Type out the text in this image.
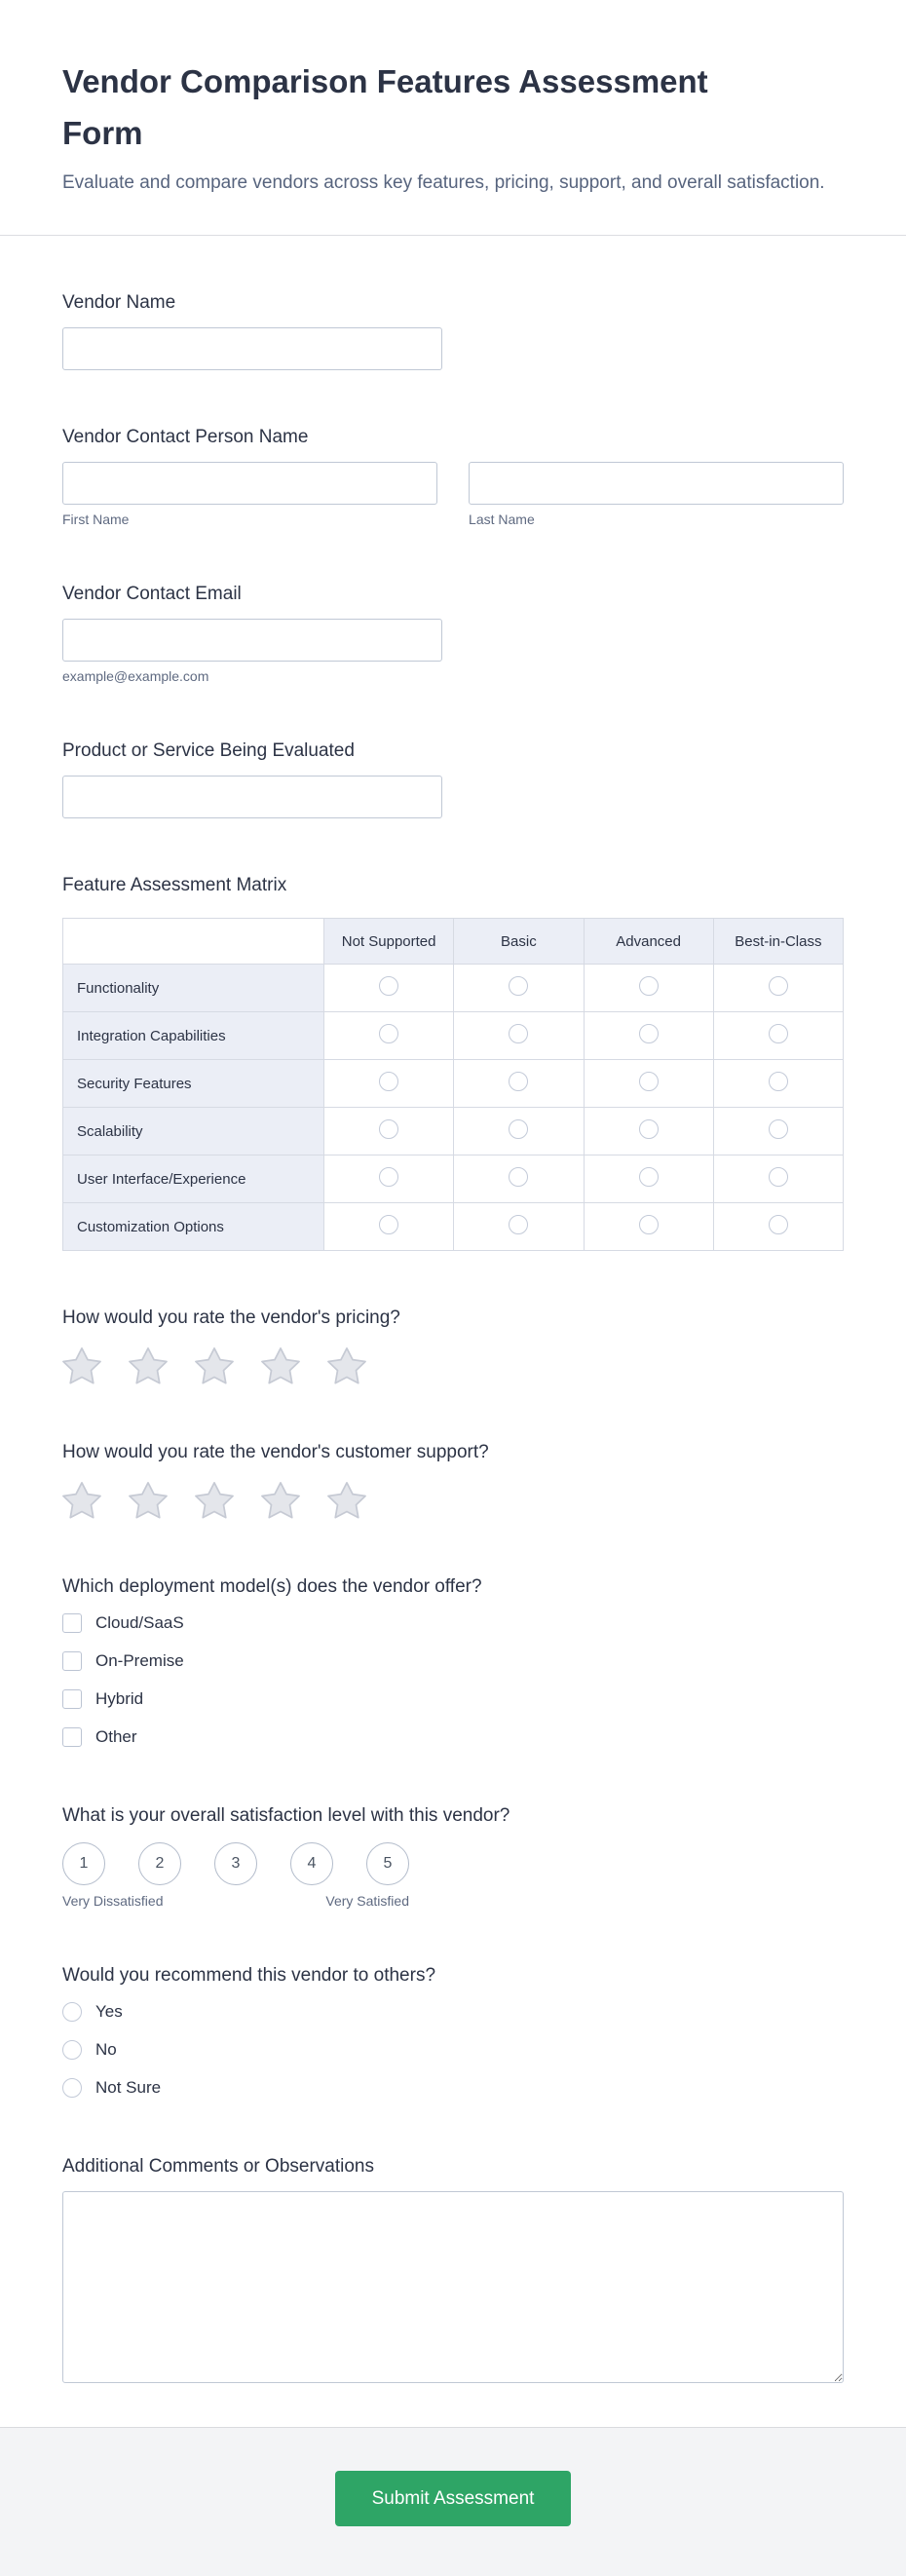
Vendor Comparison Features Assessment Form

Evaluate and compare vendors across key features, pricing, support, and overall satisfaction.

Vendor Name
Vendor Contact Person Name
First Name	Last Name
Vendor Contact Email
example@example.com
Product or Service Being Evaluated
Feature Assessment Matrix
	Not Supported	Basic	Advanced	Best-in-Class
Functionality				
Integration Capabilities				
Security Features				
Scalability				
User Interface/Experience				
Customization Options				
How would you rate the vendor's pricing?
How would you rate the vendor's customer support?
Which deployment model(s) does the vendor offer?
Cloud/SaaS
On-Premise
Hybrid
Other
What is your overall satisfaction level with this vendor?
1	2	3	4	5
Very Dissatisfied	Very Satisfied
Would you recommend this vendor to others?
Yes
No
Not Sure
Additional Comments or Observations
Submit Assessment
